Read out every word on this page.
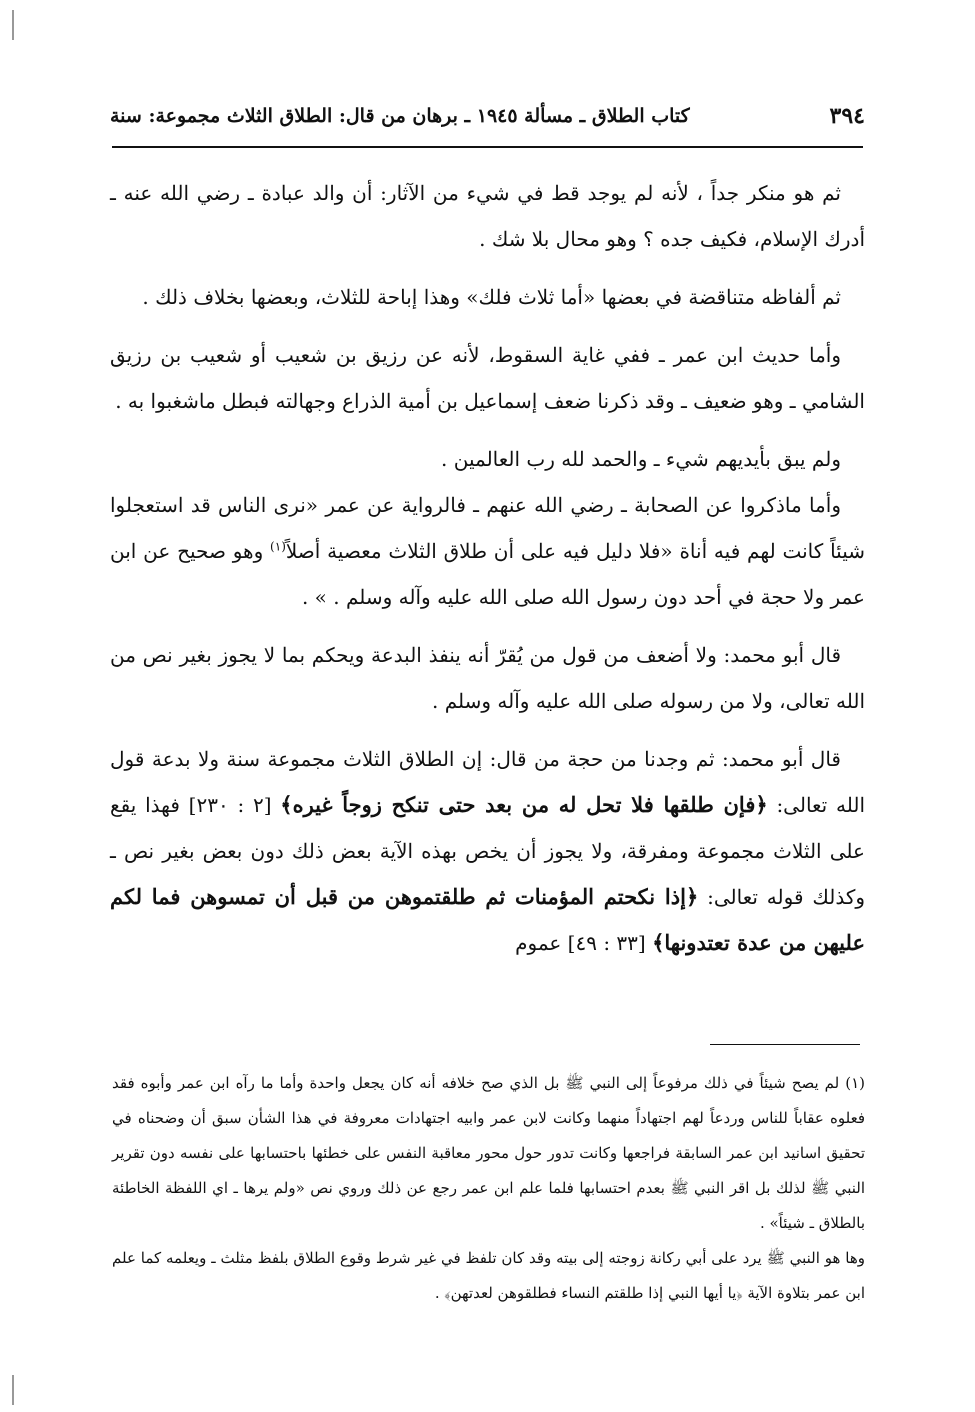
٣٩٤
كتاب الطلاق ـ مسألة ١٩٤٥ ـ برهان من قال: الطلاق الثلاث مجموعة: سنة

ثم هو منكر جداً ، لأنه لم يوجد قط في شيء من الآثار: أن والد عبادة ـ رضي الله عنه ـ أدرك الإسلام، فكيف جده ؟ وهو محال بلا شك .

ثم ألفاظه متناقضة في بعضها «أما ثلاث فلك» وهذا إباحة للثلاث، وبعضها بخلاف ذلك .

وأما حديث ابن عمر ـ ففي غاية السقوط، لأنه عن رزيق بن شعيب أو شعيب بن رزيق الشامي ـ وهو ضعيف ـ وقد ذكرنا ضعف إسماعيل بن أمية الذراع وجهالته فبطل ماشغبوا به .

ولم يبق بأيديهم شيء ـ والحمد لله رب العالمين .

وأما ماذكروا عن الصحابة ـ رضي الله عنهم ـ فالرواية عن عمر «نرى الناس قد استعجلوا شيئاً كانت لهم فيه أناة «فلا دليل فيه على أن طلاق الثلاث معصية أصلاً$^{(١)}$ وهو صحيح عن ابن عمر ولا حجة في أحد دون رسول الله صلى الله عليه وآله وسلم . » .

قال أبو محمد: ولا أضعف من قول من يُقرّ أنه ينفذ البدعة ويحكم بما لا يجوز بغير نص من الله تعالى، ولا من رسوله صلى الله عليه وآله وسلم .

قال أبو محمد: ثم وجدنا من حجة من قال: إن الطلاق الثلاث مجموعة سنة ولا بدعة قول الله تعالى: ﴿فإن طلقها فلا تحل له من بعد حتى تنكح زوجاً غيره﴾ [٢ : ٢٣٠] فهذا يقع على الثلاث مجموعة ومفرقة، ولا يجوز أن يخص بهذه الآية بعض ذلك دون بعض بغير نص ـ وكذلك قوله تعالى: ﴿إذا نكحتم المؤمنات ثم طلقتموهن من قبل أن تمسوهن فما لكم عليهن من عدة تعتدونها﴾ [٣٣ : ٤٩] عموم

(١) لم يصح شيئاً في ذلك مرفوعاً إلى النبي ﷺ بل الذي صح خلافه أنه كان يجعل واحدة وأما ما رآه ابن عمر وأبوه فقد فعلوه عقاباً للناس وردعاً لهم اجتهاداً منهما وكانت لابن عمر وابيه اجتهادات معروفة في هذا الشأن سبق أن وضحناه في تحقيق اسانيد ابن عمر السابقة فراجعها وكانت تدور حول محور معاقبة النفس على خطئها باحتسابها على نفسه دون تقرير النبي ﷺ لذلك بل اقر النبي ﷺ بعدم احتسابها فلما علم ابن عمر رجع عن ذلك وروي نص «ولم يرها ـ اي اللفظة الخاطئة بالطلاق ـ شيئاً» .

وها هو النبي ﷺ يرد على أبي ركانة زوجته إلى بيته وقد كان تلفظ في غير شرط وقوع الطلاق بلفظ مثلث ـ ويعلمه كما علم ابن عمر بتلاوة الآية ﴿يا أيها النبي إذا طلقتم النساء فطلقوهن لعدتهن﴾ .
